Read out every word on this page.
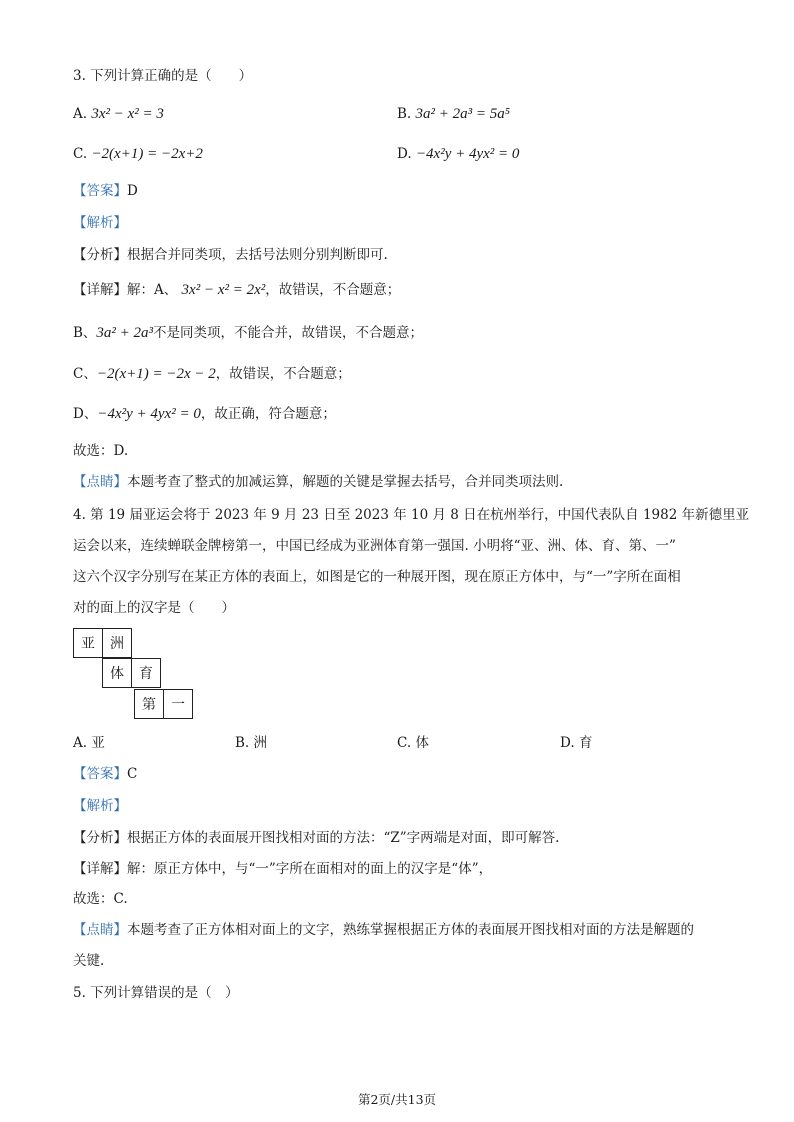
3. 下列计算正确的是（　　）
A. 3x² − x² = 3	B. 3a² + 2a³ = 5a⁵
C. −2(x+1) = −2x+2	D. −4x²y + 4yx² = 0
【答案】D
【解析】
【分析】根据合并同类项，去括号法则分别判断即可.
【详解】解：A、 3x² − x² = 2x²，故错误，不合题意；
B、3a² + 2a³不是同类项，不能合并，故错误，不合题意；
C、−2(x+1) = −2x − 2，故错误，不合题意；
D、−4x²y + 4yx² = 0，故正确，符合题意；
故选：D.
【点睛】本题考查了整式的加减运算，解题的关键是掌握去括号，合并同类项法则.
4. 第 19 届亚运会将于 2023 年 9 月 23 日至 2023 年 10 月 8 日在杭州举行，中国代表队自 1982 年新德里亚
运会以来，连续蝉联金牌榜第一，中国已经成为亚洲体育第一强国. 小明将“亚、洲、体、育、第、一”
这六个汉字分别写在某正方体的表面上，如图是它的一种展开图，现在原正方体中，与“一”字所在面相
对的面上的汉字是（　　）
亚	洲
体	育
第	一
A. 亚	B. 洲	C. 体	D. 育
【答案】C
【解析】
【分析】根据正方体的表面展开图找相对面的方法：“Z”字两端是对面，即可解答.
【详解】解：原正方体中，与“一”字所在面相对的面上的汉字是“体”，
故选：C.
【点睛】本题考查了正方体相对面上的文字，熟练掌握根据正方体的表面展开图找相对面的方法是解题的
关键.
5. 下列计算错误的是（　）
第2页/共13页
